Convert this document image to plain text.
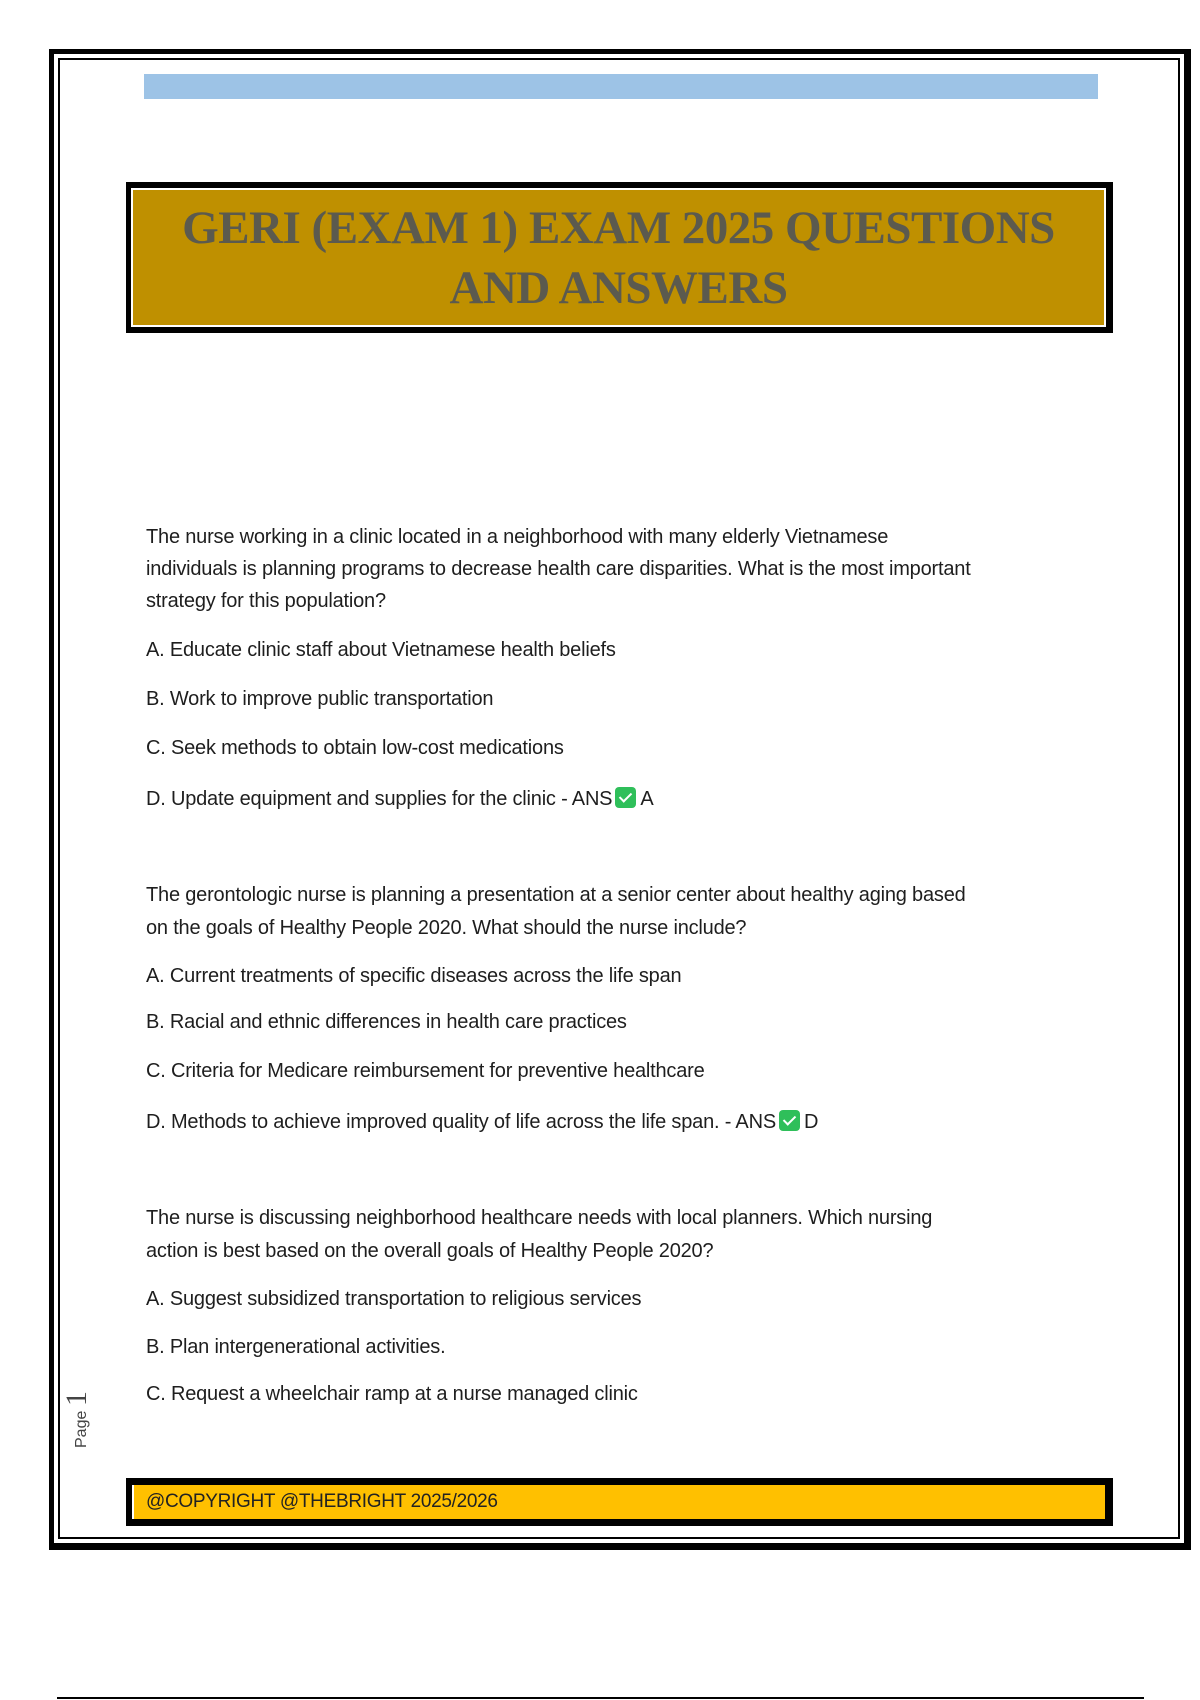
GERI (EXAM 1) EXAM 2025 QUESTIONS
AND ANSWERS
The nurse working in a clinic located in a neighborhood with many elderly Vietnamese
individuals is planning programs to decrease health care disparities. What is the most important
strategy for this population?
A. Educate clinic staff about Vietnamese health beliefs
B. Work to improve public transportation
C. Seek methods to obtain low-cost medications
D. Update equipment and supplies for the clinic - ANS A
The gerontologic nurse is planning a presentation at a senior center about healthy aging based
on the goals of Healthy People 2020. What should the nurse include?
A. Current treatments of specific diseases across the life span
B. Racial and ethnic differences in health care practices
C. Criteria for Medicare reimbursement for preventive healthcare
D. Methods to achieve improved quality of life across the life span. - ANS D
The nurse is discussing neighborhood healthcare needs with local planners. Which nursing
action is best based on the overall goals of Healthy People 2020?
A. Suggest subsidized transportation to religious services
B. Plan intergenerational activities.
C. Request a wheelchair ramp at a nurse managed clinic
Page 1
@COPYRIGHT @THEBRIGHT 2025/2026
